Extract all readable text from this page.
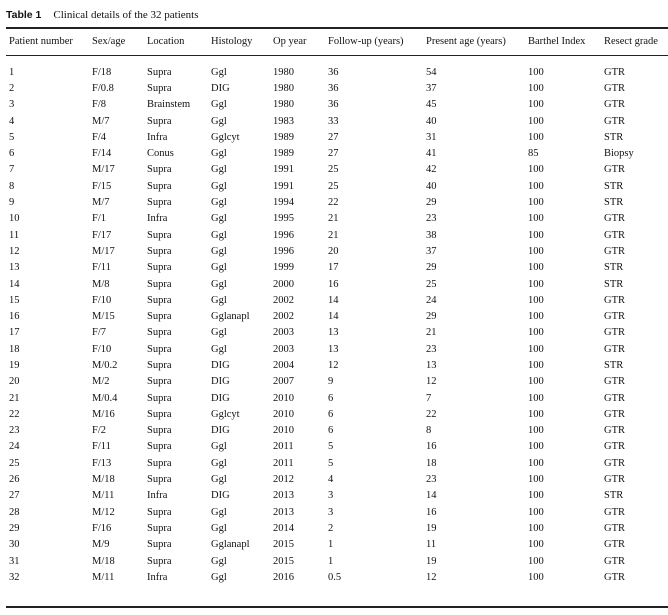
Table 1 Clinical details of the 32 patients
Patient number	Sex/age	Location	Histology	Op year	Follow-up (years)	Present age (years)	Barthel Index	Resect grade
1	F/18	Supra	Ggl	1980	36	54	100	GTR
2	F/0.8	Supra	DIG	1980	36	37	100	GTR
3	F/8	Brainstem	Ggl	1980	36	45	100	GTR
4	M/7	Supra	Ggl	1983	33	40	100	GTR
5	F/4	Infra	Gglcyt	1989	27	31	100	STR
6	F/14	Conus	Ggl	1989	27	41	85	Biopsy
7	M/17	Supra	Ggl	1991	25	42	100	GTR
8	F/15	Supra	Ggl	1991	25	40	100	STR
9	M/7	Supra	Ggl	1994	22	29	100	STR
10	F/1	Infra	Ggl	1995	21	23	100	GTR
11	F/17	Supra	Ggl	1996	21	38	100	GTR
12	M/17	Supra	Ggl	1996	20	37	100	GTR
13	F/11	Supra	Ggl	1999	17	29	100	STR
14	M/8	Supra	Ggl	2000	16	25	100	STR
15	F/10	Supra	Ggl	2002	14	24	100	GTR
16	M/15	Supra	Gglanapl	2002	14	29	100	GTR
17	F/7	Supra	Ggl	2003	13	21	100	GTR
18	F/10	Supra	Ggl	2003	13	23	100	GTR
19	M/0.2	Supra	DIG	2004	12	13	100	STR
20	M/2	Supra	DIG	2007	9	12	100	GTR
21	M/0.4	Supra	DIG	2010	6	7	100	GTR
22	M/16	Supra	Gglcyt	2010	6	22	100	GTR
23	F/2	Supra	DIG	2010	6	8	100	GTR
24	F/11	Supra	Ggl	2011	5	16	100	GTR
25	F/13	Supra	Ggl	2011	5	18	100	GTR
26	M/18	Supra	Ggl	2012	4	23	100	GTR
27	M/11	Infra	DIG	2013	3	14	100	STR
28	M/12	Supra	Ggl	2013	3	16	100	GTR
29	F/16	Supra	Ggl	2014	2	19	100	GTR
30	M/9	Supra	Gglanapl	2015	1	11	100	GTR
31	M/18	Supra	Ggl	2015	1	19	100	GTR
32	M/11	Infra	Ggl	2016	0.5	12	100	GTR
